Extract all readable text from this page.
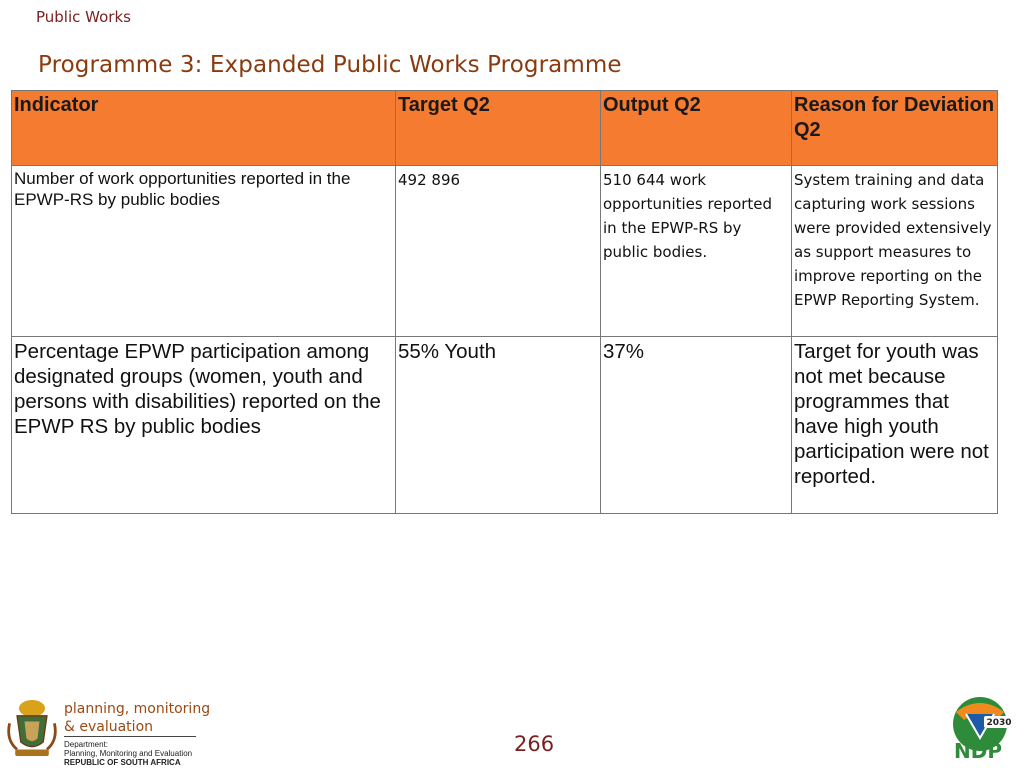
Public Works
Programme 3: Expanded Public Works Programme
Indicator	Target Q2	Output Q2	Reason for Deviation Q2
Number of work opportunities reported in the EPWP-RS by public bodies	492 896	510 644 work opportunities reported in the EPWP-RS by public bodies.	System training and data capturing work sessions were provided extensively as support measures to improve reporting on the EPWP Reporting System.
Percentage EPWP participation among designated groups (women, youth and persons with disabilities) reported on the EPWP RS by public bodies	55% Youth	37%	Target for youth was not met because programmes that have high youth participation were not reported.
planning, monitoring
& evaluation
Department:
Planning, Monitoring and Evaluation
REPUBLIC OF SOUTH AFRICA
266
2030
NDP
